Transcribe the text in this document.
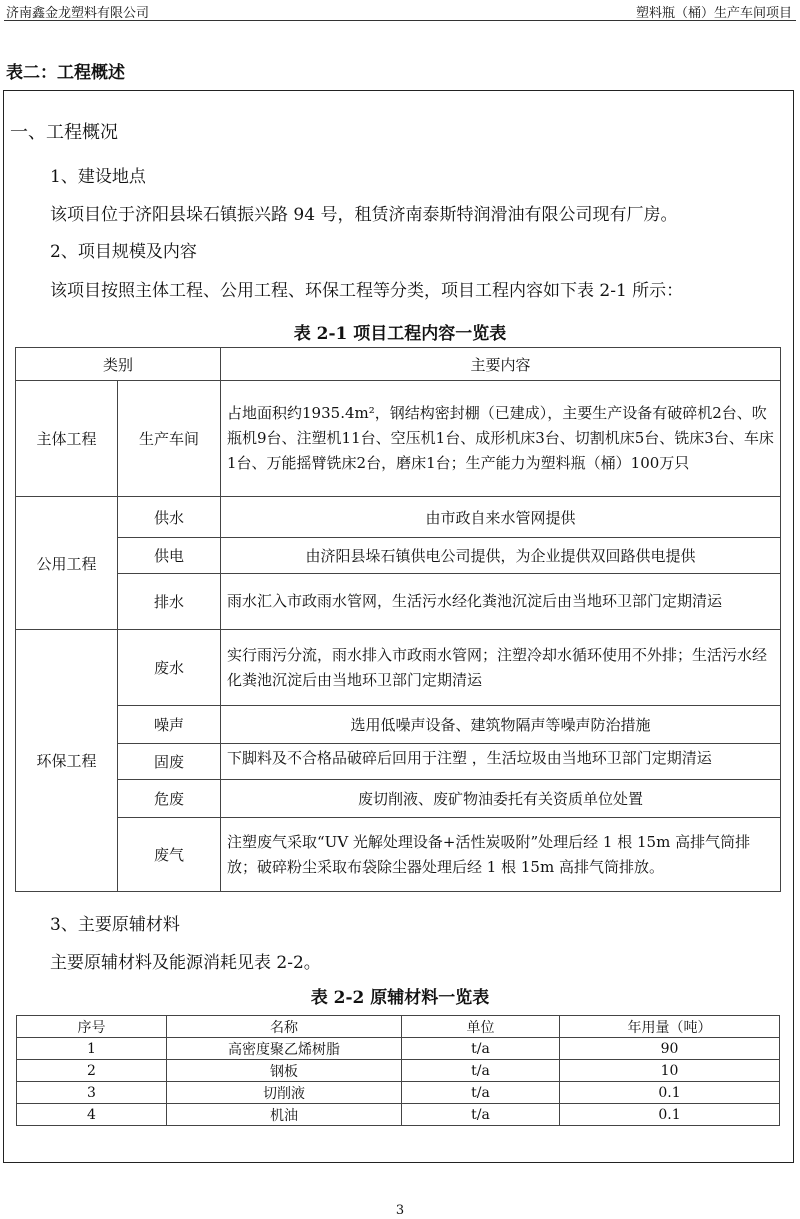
济南鑫金龙塑料有限公司	塑料瓶（桶）生产车间项目
表二：工程概述
一、工程概况
1、建设地点
该项目位于济阳县垛石镇振兴路 94 号，租赁济南泰斯特润滑油有限公司现有厂房。
2、项目规模及内容
该项目按照主体工程、公用工程、环保工程等分类，项目工程内容如下表 2-1 所示：
表 2-1 项目工程内容一览表
类别		主要内容
主体工程	生产车间	占地面积约1935.4m²，钢结构密封棚（已建成），主要生产设备有破碎机2台、吹瓶机9台、注塑机11台、空压机1台、成形机床3台、切割机床5台、铣床3台、车床1台、万能摇臂铣床2台，磨床1台；生产能力为塑料瓶（桶）100万只
公用工程	供水	由市政自来水管网提供
	供电	由济阳县垛石镇供电公司提供，为企业提供双回路供电提供
	排水	雨水汇入市政雨水管网，生活污水经化粪池沉淀后由当地环卫部门定期清运
环保工程	废水	实行雨污分流，雨水排入市政雨水管网；注塑冷却水循环使用不外排；生活污水经化粪池沉淀后由当地环卫部门定期清运
	噪声	选用低噪声设备、建筑物隔声等噪声防治措施
	固废	下脚料及不合格品破碎后回用于注塑 ，生活垃圾由当地环卫部门定期清运

	危废	废切削液、废矿物油委托有关资质单位处置
	废气	注塑废气采取“UV 光解处理设备+活性炭吸附”处理后经 1 根 15m 高排气筒排放；破碎粉尘采取布袋除尘器处理后经 1 根 15m 高排气筒排放。
3、主要原辅材料
主要原辅材料及能源消耗见表 2-2。
表 2-2 原辅材料一览表
序号	名称	单位	年用量（吨）
1	高密度聚乙烯树脂	t/a	90
2	钢板	t/a	10
3	切削液	t/a	0.1
4	机油	t/a	0.1
3
